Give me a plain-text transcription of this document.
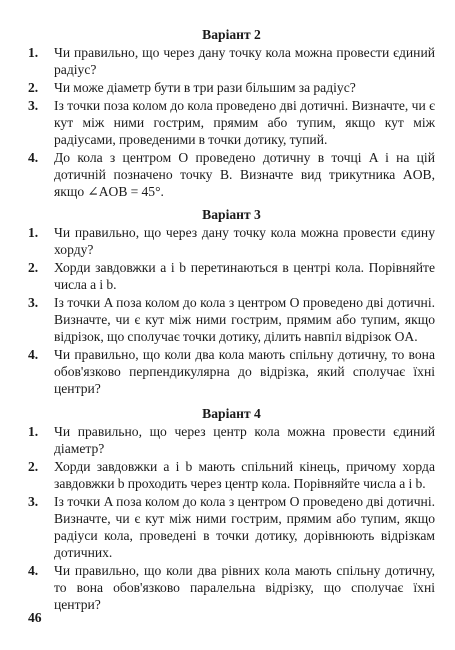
Варіант 2
1. Чи правильно, що через дану точку кола можна провести єдиний радіус?
2. Чи може діаметр бути в три рази більшим за радіус?
3. Із точки поза колом до кола проведено дві дотичні. Визначте, чи є кут між ними гострим, прямим або тупим, якщо кут між радіусами, проведеними в точки дотику, тупий.
4. До кола з центром O проведено дотичну в точці A і на цій дотичній позначено точку B. Визначте вид трикутника AOB, якщо ∠AOB = 45°.
Варіант 3
1. Чи правильно, що через дану точку кола можна провести єдину хорду?
2. Хорди завдовжки a і b перетинаються в центрі кола. Порівняйте числа a і b.
3. Із точки A поза колом до кола з центром O проведено дві дотичні. Визначте, чи є кут між ними гострим, прямим або тупим, якщо відрізок, що сполучає точки дотику, ділить навпіл відрізок OA.
4. Чи правильно, що коли два кола мають спільну дотичну, то вона обов'язково перпендикулярна до відрізка, який сполучає їхні центри?
Варіант 4
1. Чи правильно, що через центр кола можна провести єдиний діаметр?
2. Хорди завдовжки a і b мають спільний кінець, причому хорда завдовжки b проходить через центр кола. Порівняйте числа a і b.
3. Із точки A поза колом до кола з центром O проведено дві дотичні. Визначте, чи є кут між ними гострим, прямим або тупим, якщо радіуси кола, проведені в точки дотику, дорівнюють відрізкам дотичних.
4. Чи правильно, що коли два рівних кола мають спільну дотичну, то вона обов'язково паралельна відрізку, що сполучає їхні центри?
46
